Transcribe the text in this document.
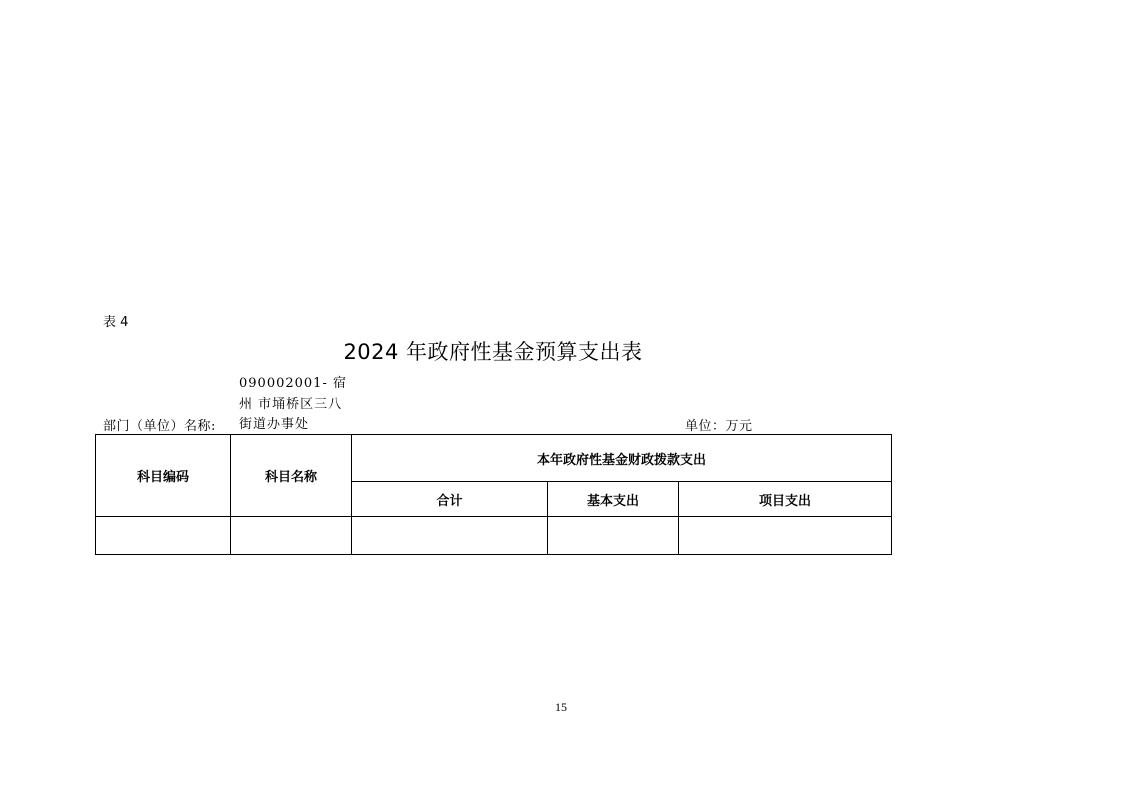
表 4
2024 年政府性基金预算支出表
090002001- 宿 州 市埇桥区三八街道办事处
部门（单位）名称:	单位：万元
科目编码	科目名称	本年政府性基金财政拨款支出		
		合计	基本支出	项目支出

15
